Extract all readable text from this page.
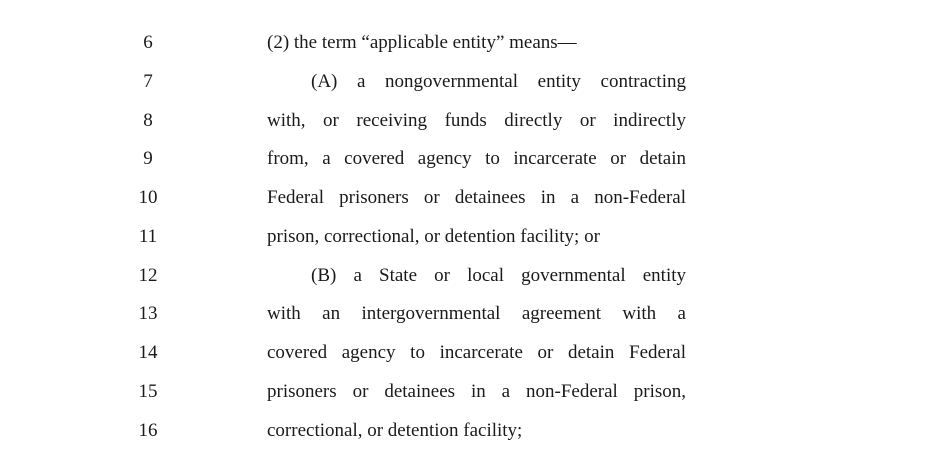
6	(2) the term “applicable entity” means—
7	(A) a nongovernmental entity contracting
8	with, or receiving funds directly or indirectly
9	from, a covered agency to incarcerate or detain
10	Federal prisoners or detainees in a non-Federal
11	prison, correctional, or detention facility; or
12	(B) a State or local governmental entity
13	with an intergovernmental agreement with a
14	covered agency to incarcerate or detain Federal
15	prisoners or detainees in a non-Federal prison,
16	correctional, or detention facility;
